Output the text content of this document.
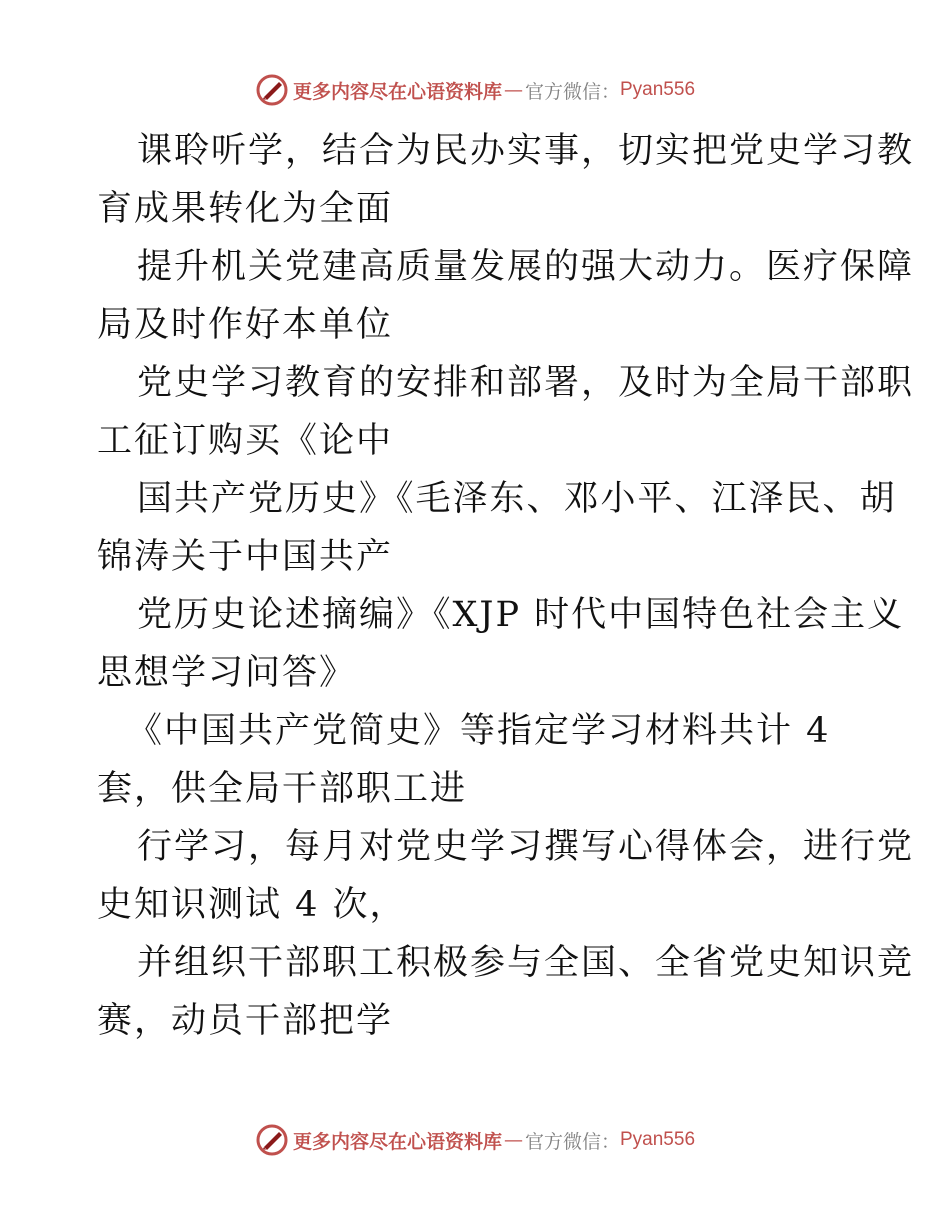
更多内容尽在心语资料库 — 官方微信： Pyan556
课聆听学，结合为民办实事，切实把党史学习教
育成果转化为全面
提升机关党建高质量发展的强大动力。医疗保障
局及时作好本单位
党史学习教育的安排和部署，及时为全局干部职
工征订购买《论中
国共产党历史》《毛泽东、邓小平、江泽民、胡
锦涛关于中国共产
党历史论述摘编》《XJP 时代中国特色社会主义
思想学习问答》
《中国共产党简史》等指定学习材料共计 4
套，供全局干部职工进
行学习，每月对党史学习撰写心得体会，进行党
史知识测试 4 次，
并组织干部职工积极参与全国、全省党史知识竞
赛，动员干部把学
更多内容尽在心语资料库 — 官方微信： Pyan556
